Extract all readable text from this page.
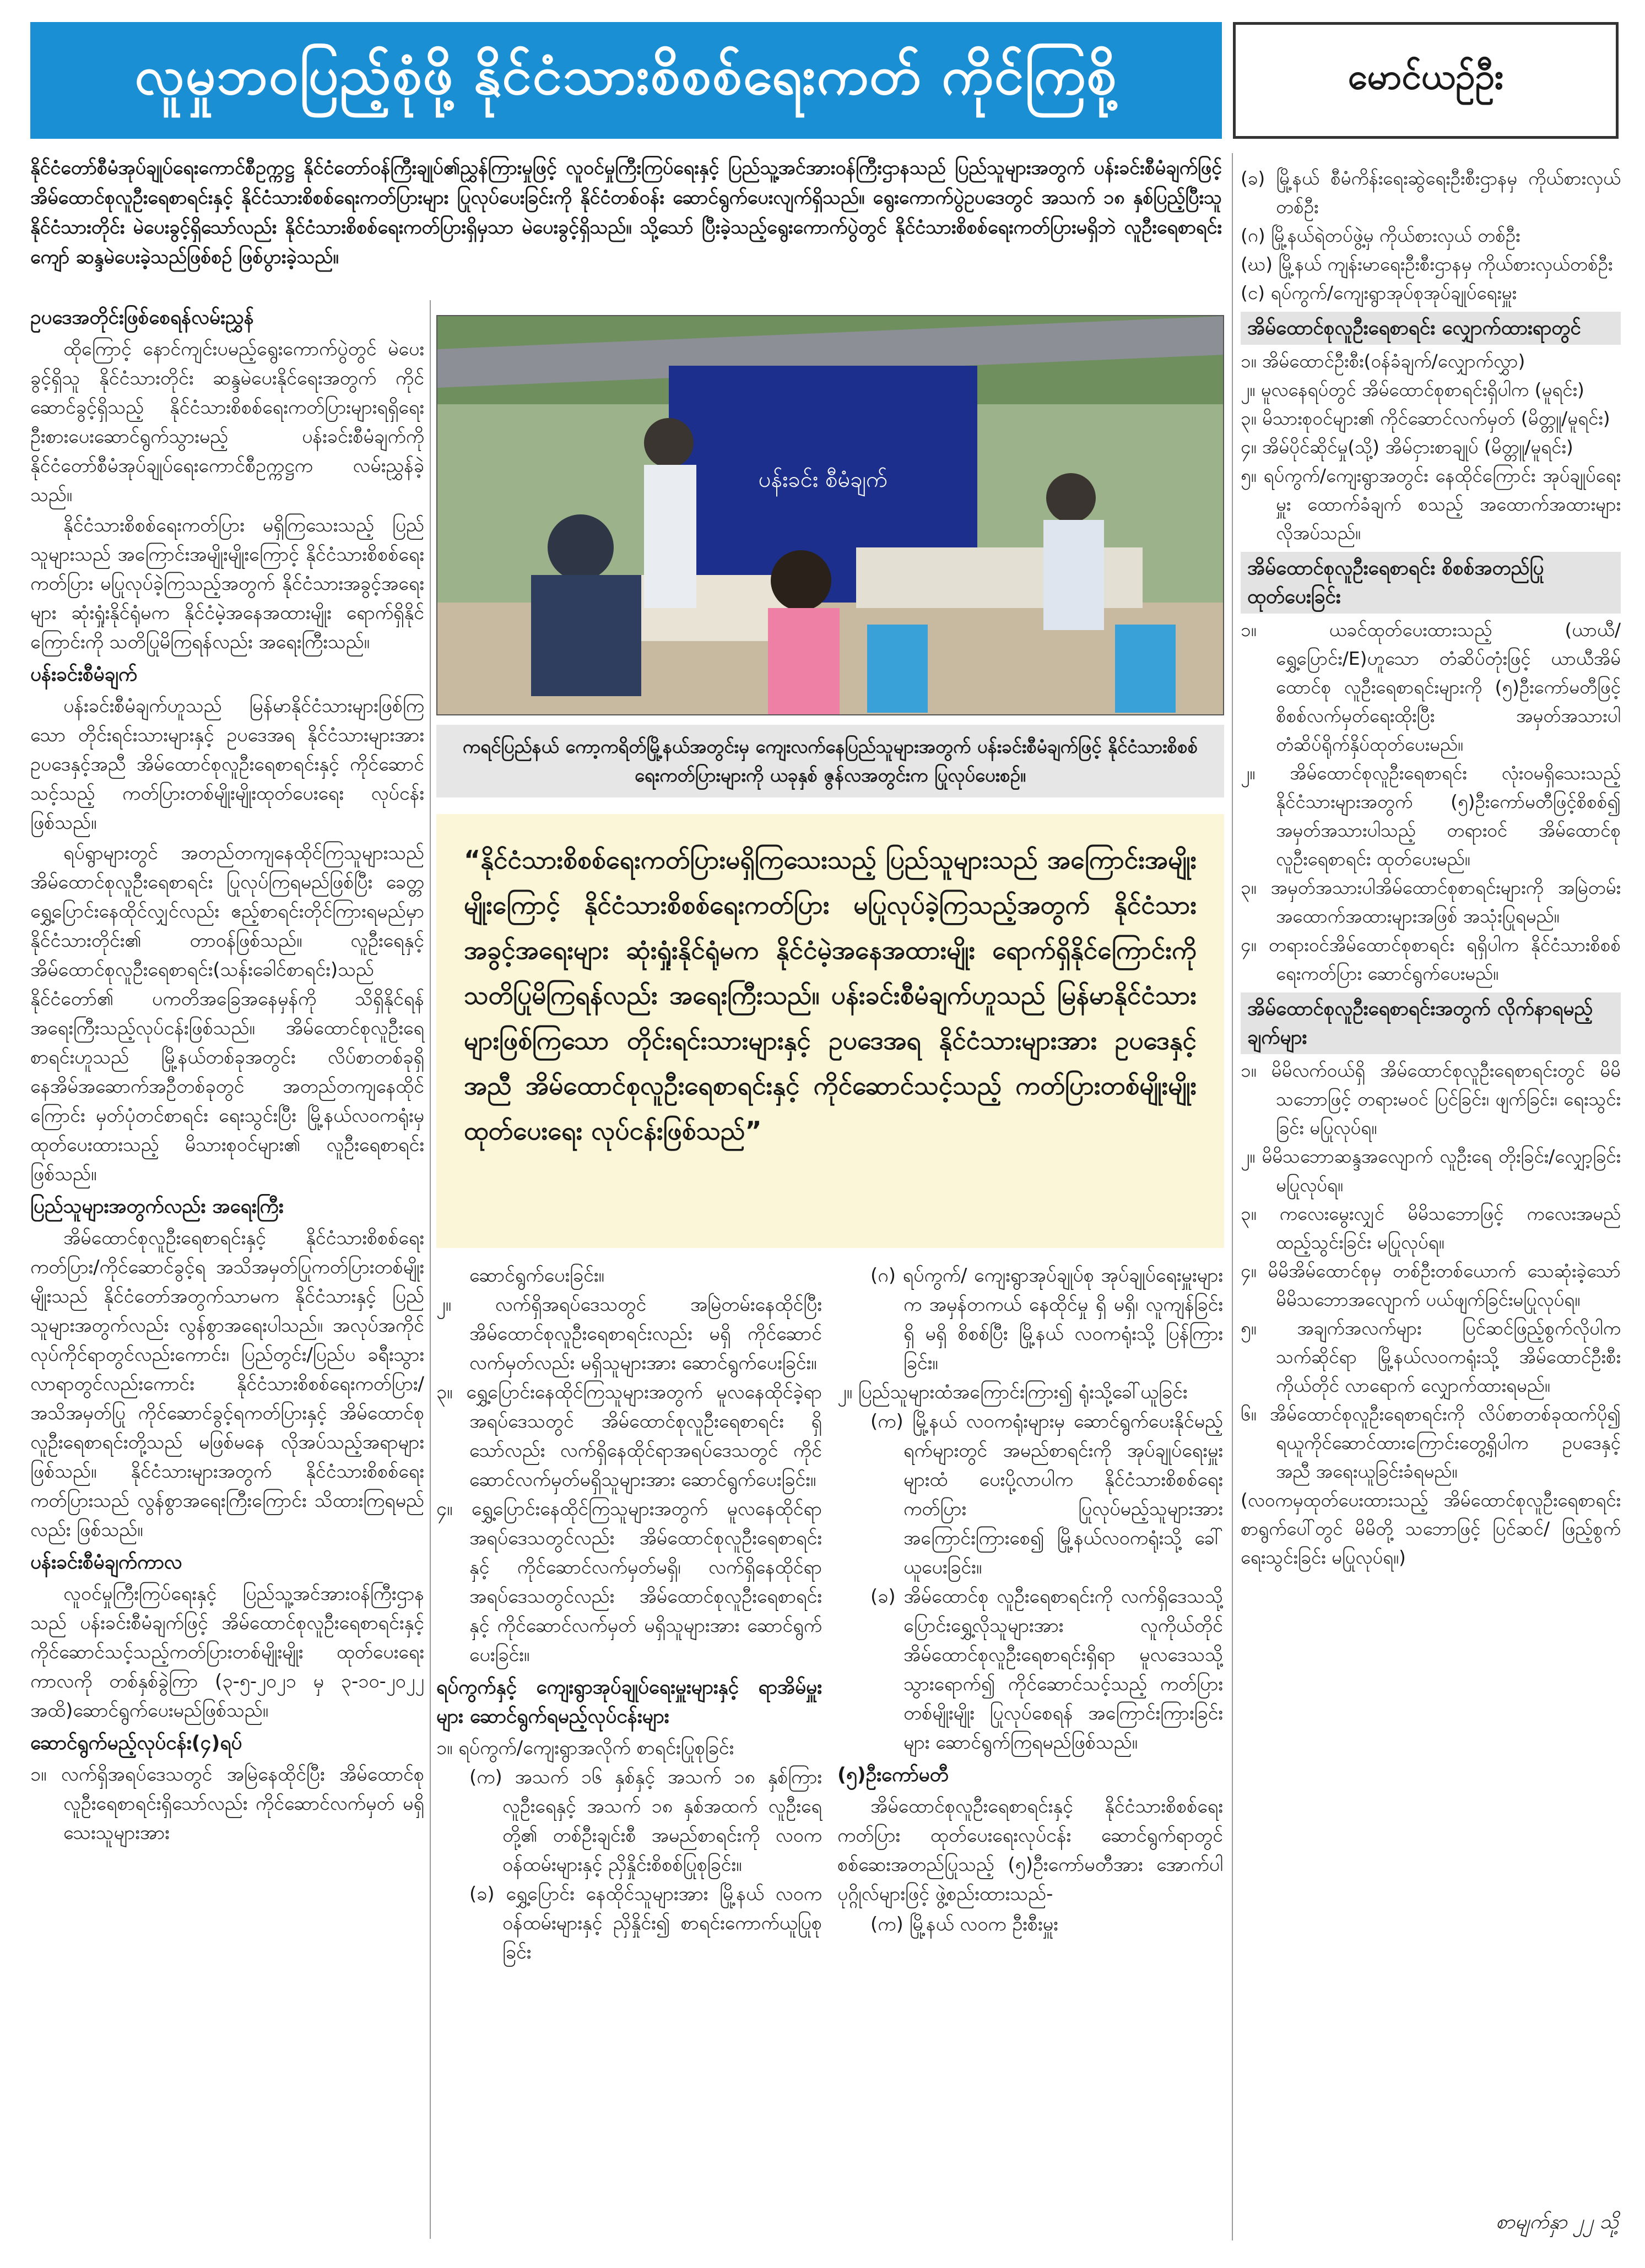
လူမှုဘဝပြည့်စုံဖို့ နိုင်ငံသားစိစစ်ရေးကတ် ကိုင်ကြစို့	မောင်ယဉ်ဦး
နိုင်ငံတော်စီမံအုပ်ချုပ်ရေးကောင်စီဥက္ကဋ္ဌ နိုင်ငံတော်ဝန်ကြီးချုပ်၏ညွှန်ကြားမှုဖြင့် လူဝင်မှုကြီးကြပ်ရေးနှင့် ပြည်သူ့အင်အားဝန်ကြီးဌာနသည် ပြည်သူများအတွက် ပန်းခင်းစီမံချက်ဖြင့် အိမ်ထောင်စုလူဦးရေစာရင်းနှင့် နိုင်ငံသားစိစစ်ရေးကတ်ပြားများ ပြုလုပ်ပေးခြင်းကို နိုင်ငံတစ်ဝန်း ဆောင်ရွက်ပေးလျက်ရှိသည်။ ရွေးကောက်ပွဲဥပဒေတွင် အသက် ၁၈ နှစ်ပြည့်ပြီးသူ နိုင်ငံသားတိုင်း မဲပေးခွင့်ရှိသော်လည်း နိုင်ငံသားစိစစ်ရေးကတ်ပြားရှိမှသာ မဲပေးခွင့်ရှိသည်။ သို့သော် ပြီးခဲ့သည့်ရွေးကောက်ပွဲတွင် နိုင်ငံသားစိစစ်ရေးကတ်ပြားမရှိဘဲ လူဦးရေစာရင်းကျော် ဆန္ဒမဲပေးခဲ့သည်ဖြစ်စဉ် ဖြစ်ပွားခဲ့သည်။
ဥပဒေအတိုင်းဖြစ်စေရန်လမ်းညွှန်

ထိုကြောင့် နောင်ကျင်းပမည့်ရွေးကောက်ပွဲတွင် မဲပေးခွင့်ရှိသူ နိုင်ငံသားတိုင်း ဆန္ဒမဲပေးနိုင်ရေးအတွက် ကိုင်ဆောင်ခွင့်ရှိသည့် နိုင်ငံသားစိစစ်ရေးကတ်ပြားများရရှိရေး ဦးစားပေးဆောင်ရွက်သွားမည့် ပန်းခင်းစီမံချက်ကို နိုင်ငံတော်စီမံအုပ်ချုပ်ရေးကောင်စီဥက္ကဋ္ဌက လမ်းညွှန်ခဲ့သည်။

နိုင်ငံသားစိစစ်ရေးကတ်ပြား မရှိကြသေးသည့် ပြည်သူများသည် အကြောင်းအမျိုးမျိုးကြောင့် နိုင်ငံသားစိစစ်ရေးကတ်ပြား မပြုလုပ်ခဲ့ကြသည့်အတွက် နိုင်ငံသားအခွင့်အရေးများ ဆုံးရှုံးနိုင်ရုံမက နိုင်ငံမဲ့အနေအထားမျိုး ရောက်ရှိနိုင်ကြောင်းကို သတိပြုမိကြရန်လည်း အရေးကြီးသည်။

ပန်းခင်းစီမံချက်

ပန်းခင်းစီမံချက်ဟူသည် မြန်မာနိုင်ငံသားများဖြစ်ကြသော တိုင်းရင်းသားများနှင့် ဥပဒေအရ နိုင်ငံသားများအား ဥပဒေနှင့်အညီ အိမ်ထောင်စုလူဦးရေစာရင်းနှင့် ကိုင်ဆောင်သင့်သည့် ကတ်ပြားတစ်မျိုးမျိုးထုတ်ပေးရေး လုပ်ငန်းဖြစ်သည်။

ရပ်ရွာများတွင် အတည်တကျနေထိုင်ကြသူများသည် အိမ်ထောင်စုလူဦးရေစာရင်း ပြုလုပ်ကြရမည်ဖြစ်ပြီး ခေတ္တ ရွှေ့ပြောင်းနေထိုင်လျှင်လည်း ဧည့်စာရင်းတိုင်ကြားရမည်မှာ နိုင်ငံသားတိုင်း၏ တာဝန်ဖြစ်သည်။ လူဦးရေနှင့် အိမ်ထောင်စုလူဦးရေစာရင်း(သန်းခေါင်စာရင်း)သည် နိုင်ငံတော်၏ ပကတိအခြေအနေမှန်ကို သိရှိနိုင်ရန် အရေးကြီးသည့်လုပ်ငန်းဖြစ်သည်။ အိမ်ထောင်စုလူဦးရေစာရင်းဟူသည် မြို့နယ်တစ်ခုအတွင်း လိပ်စာတစ်ခုရှိ နေအိမ်အဆောက်အဦတစ်ခုတွင် အတည်တကျနေထိုင်ကြောင်း မှတ်ပုံတင်စာရင်း ရေးသွင်းပြီး မြို့နယ်လဝကရုံးမှ ထုတ်ပေးထားသည့် မိသားစုဝင်များ၏ လူဦးရေစာရင်းဖြစ်သည်။

ပြည်သူများအတွက်လည်း အရေးကြီး

အိမ်ထောင်စုလူဦးရေစာရင်းနှင့် နိုင်ငံသားစိစစ်ရေးကတ်ပြား/ကိုင်ဆောင်ခွင့်ရ အသိအမှတ်ပြုကတ်ပြားတစ်မျိုးမျိုးသည် နိုင်ငံတော်အတွက်သာမက နိုင်ငံသားနှင့် ပြည်သူများအတွက်လည်း လွန်စွာအရေးပါသည်။ အလုပ်အကိုင်လုပ်ကိုင်ရာတွင်လည်းကောင်း၊ ပြည်တွင်း/ပြည်ပ ခရီးသွားလာရာတွင်လည်းကောင်း နိုင်ငံသားစိစစ်ရေးကတ်ပြား/ အသိအမှတ်ပြု ကိုင်ဆောင်ခွင့်ရကတ်ပြားနှင့် အိမ်ထောင်စုလူဦးရေစာရင်းတို့သည် မဖြစ်မနေ လိုအပ်သည့်အရာများဖြစ်သည်။ နိုင်ငံသားများအတွက် နိုင်ငံသားစိစစ်ရေးကတ်ပြားသည် လွန်စွာအရေးကြီးကြောင်း သိထားကြရမည်လည်း ဖြစ်သည်။

ပန်းခင်းစီမံချက်ကာလ

လူဝင်မှုကြီးကြပ်ရေးနှင့် ပြည်သူ့အင်အားဝန်ကြီးဌာနသည် ပန်းခင်းစီမံချက်ဖြင့် အိမ်ထောင်စုလူဦးရေစာရင်းနှင့် ကိုင်ဆောင်သင့်သည့်ကတ်ပြားတစ်မျိုးမျိုး ထုတ်ပေးရေးကာလကို တစ်နှစ်ခွဲကြာ (၃-၅-၂၀၂၁ မှ ၃-၁၀-၂၀၂၂ အထိ)ဆောင်ရွက်ပေးမည်ဖြစ်သည်။

ဆောင်ရွက်မည့်လုပ်ငန်း(၄)ရပ်
၁။ လက်ရှိအရပ်ဒေသတွင် အမြဲနေထိုင်ပြီး အိမ်ထောင်စုလူဦးရေစာရင်းရှိသော်လည်း ကိုင်ဆောင်လက်မှတ် မရှိသေးသူများအား
ပန်းခင်း စီမံချက်
ကရင်ပြည်နယ် ကော့ကရိတ်မြို့နယ်အတွင်းမှ ကျေးလက်နေပြည်သူများအတွက် ပန်းခင်းစီမံချက်ဖြင့် နိုင်ငံသားစိစစ်ရေးကတ်ပြားများကို ယခုနှစ် ဇွန်လအတွင်းက ပြုလုပ်ပေးစဉ်။
“နိုင်ငံသားစိစစ်ရေးကတ်ပြားမရှိကြသေးသည့် ပြည်သူများသည် အကြောင်းအမျိုးမျိုးကြောင့် နိုင်ငံသားစိစစ်ရေးကတ်ပြား မပြုလုပ်ခဲ့ကြသည့်အတွက် နိုင်ငံသားအခွင့်အရေးများ ဆုံးရှုံးနိုင်ရုံမက နိုင်ငံမဲ့အနေအထားမျိုး ရောက်ရှိနိုင်ကြောင်းကို သတိပြုမိကြရန်လည်း အရေးကြီးသည်။ ပန်းခင်းစီမံချက်ဟူသည် မြန်မာနိုင်ငံသားများဖြစ်ကြသော တိုင်းရင်းသားများနှင့် ဥပဒေအရ နိုင်ငံသားများအား ဥပဒေနှင့်အညီ အိမ်ထောင်စုလူဦးရေစာရင်းနှင့် ကိုင်ဆောင်သင့်သည့် ကတ်ပြားတစ်မျိုးမျိုးထုတ်ပေးရေး လုပ်ငန်းဖြစ်သည်”
ဆောင်ရွက်ပေးခြင်း။
၂။ လက်ရှိအရပ်ဒေသတွင် အမြဲတမ်းနေထိုင်ပြီး အိမ်ထောင်စုလူဦးရေစာရင်းလည်း မရှိ ကိုင်ဆောင်လက်မှတ်လည်း မရှိသူများအား ဆောင်ရွက်ပေးခြင်း။
၃။ ရွှေ့ပြောင်းနေထိုင်ကြသူများအတွက် မူလနေထိုင်ခဲ့ရာ အရပ်ဒေသတွင် အိမ်ထောင်စုလူဦးရေစာရင်း ရှိသော်လည်း လက်ရှိနေထိုင်ရာအရပ်ဒေသတွင် ကိုင်ဆောင်လက်မှတ်မရှိသူများအား ဆောင်ရွက်ပေးခြင်း။
၄။ ရွှေ့ပြောင်းနေထိုင်ကြသူများအတွက် မူလနေထိုင်ရာ အရပ်ဒေသတွင်လည်း အိမ်ထောင်စုလူဦးရေစာရင်းနှင့် ကိုင်ဆောင်လက်မှတ်မရှိ၊ လက်ရှိနေထိုင်ရာ အရပ်ဒေသတွင်လည်း အိမ်ထောင်စုလူဦးရေစာရင်းနှင့် ကိုင်ဆောင်လက်မှတ် မရှိသူများအား ဆောင်ရွက်ပေးခြင်း။
ရပ်ကွက်နှင့် ကျေးရွာအုပ်ချုပ်ရေးမှူးများနှင့် ရာအိမ်မှူးများ ဆောင်ရွက်ရမည့်လုပ်ငန်းများ
၁။ ရပ်ကွက်/ကျေးရွာအလိုက် စာရင်းပြုစုခြင်း
(က) အသက် ၁၆ နှစ်နှင့် အသက် ၁၈ နှစ်ကြား လူဦးရေနှင့် အသက် ၁၈ နှစ်အထက် လူဦးရေတို့၏ တစ်ဦးချင်းစီ အမည်စာရင်းကို လဝက ဝန်ထမ်းများနှင့် ညှိနှိုင်းစိစစ်ပြုစုခြင်း။
(ခ) ရွှေ့ပြောင်း နေထိုင်သူများအား မြို့နယ် လဝက ဝန်ထမ်းများနှင့် ညှိနှိုင်း၍ စာရင်းကောက်ယူပြုစုခြင်း
(ဂ) ရပ်ကွက်/ ကျေးရွာအုပ်ချုပ်စု အုပ်ချုပ်ရေးမှူးများက အမှန်တကယ် နေထိုင်မှု ရှိ မရှိ၊ လူကျန်ခြင်း ရှိ မရှိ စိစစ်ပြီး မြို့နယ် လဝကရုံးသို့ ပြန်ကြားခြင်း။
၂။ ပြည်သူများထံအကြောင်းကြား၍ ရုံးသို့ခေါ်ယူခြင်း
(က) မြို့နယ် လဝကရုံးများမှ ဆောင်ရွက်ပေးနိုင်မည့်ရက်များတွင် အမည်စာရင်းကို အုပ်ချုပ်ရေးမှူးများထံ ပေးပို့လာပါက နိုင်ငံသားစိစစ်ရေးကတ်ပြား ပြုလုပ်မည့်သူများအား အကြောင်းကြားစေ၍ မြို့နယ်လဝကရုံးသို့ ခေါ်ယူပေးခြင်း။
(ခ) အိမ်ထောင်စု လူဦးရေစာရင်းကို လက်ရှိဒေသသို့ ပြောင်းရွှေ့လိုသူများအား လူကိုယ်တိုင် အိမ်ထောင်စုလူဦးရေစာရင်းရှိရာ မူလဒေသသို့ သွားရောက်၍ ကိုင်ဆောင်သင့်သည့် ကတ်ပြားတစ်မျိုးမျိုး ပြုလုပ်စေရန် အကြောင်းကြားခြင်းများ ဆောင်ရွက်ကြရမည်ဖြစ်သည်။
(၅)ဦးကော်မတီ

အိမ်ထောင်စုလူဦးရေစာရင်းနှင့် နိုင်ငံသားစိစစ်ရေးကတ်ပြား ထုတ်ပေးရေးလုပ်ငန်း ဆောင်ရွက်ရာတွင် စစ်ဆေးအတည်ပြုသည့် (၅)ဦးကော်မတီအား အောက်ပါပုဂ္ဂိုလ်များဖြင့် ဖွဲ့စည်းထားသည်-

(က) မြို့နယ် လဝက ဦးစီးမှူး
(ခ) မြို့နယ် စီမံကိန်းရေးဆွဲရေးဦးစီးဌာနမှ ကိုယ်စားလှယ်တစ်ဦး
(ဂ) မြို့နယ်ရဲတပ်ဖွဲ့မှ ကိုယ်စားလှယ် တစ်ဦး
(ဃ) မြို့နယ် ကျန်းမာရေးဦးစီးဌာနမှ ကိုယ်စားလှယ်တစ်ဦး
(င) ရပ်ကွက်/ကျေးရွာအုပ်စုအုပ်ချုပ်ရေးမှူး
အိမ်ထောင်စုလူဦးရေစာရင်း လျှောက်ထားရာတွင်
၁။ အိမ်ထောင်ဦးစီး(ဝန်ခံချက်/လျှောက်လွှာ)
၂။ မူလနေရပ်တွင် အိမ်ထောင်စုစာရင်းရှိပါက (မူရင်း)
၃။ မိသားစုဝင်များ၏ ကိုင်ဆောင်လက်မှတ် (မိတ္တူ/မူရင်း)
၄။ အိမ်ပိုင်ဆိုင်မှု(သို့) အိမ်ငှားစာချုပ် (မိတ္တူ/မူရင်း)
၅။ ရပ်ကွက်/ကျေးရွာအတွင်း နေထိုင်ကြောင်း အုပ်ချုပ်ရေးမှူး ထောက်ခံချက် စသည့် အထောက်အထားများ လိုအပ်သည်။
အိမ်ထောင်စုလူဦးရေစာရင်း စိစစ်အတည်ပြု ထုတ်ပေးခြင်း
၁။ ယခင်ထုတ်ပေးထားသည့် (ယာယီ/ ရွှေ့ပြောင်း/E)ဟူသော တံဆိပ်တုံးဖြင့် ယာယီအိမ်ထောင်စု လူဦးရေစာရင်းများကို (၅)ဦးကော်မတီဖြင့် စိစစ်လက်မှတ်ရေးထိုးပြီး အမှတ်အသားပါ တံဆိပ်ရိုက်နှိပ်ထုတ်ပေးမည်။
၂။ အိမ်ထောင်စုလူဦးရေစာရင်း လုံးဝမရှိသေးသည့် နိုင်ငံသားများအတွက် (၅)ဦးကော်မတီဖြင့်စိစစ်၍ အမှတ်အသားပါသည့် တရားဝင် အိမ်ထောင်စုလူဦးရေစာရင်း ထုတ်ပေးမည်။
၃။ အမှတ်အသားပါအိမ်ထောင်စုစာရင်းများကို အမြဲတမ်း အထောက်အထားများအဖြစ် အသုံးပြုရမည်။
၄။ တရားဝင်အိမ်ထောင်စုစာရင်း ရရှိပါက နိုင်ငံသားစိစစ်ရေးကတ်ပြား ဆောင်ရွက်ပေးမည်။
အိမ်ထောင်စုလူဦးရေစာရင်းအတွက် လိုက်နာရမည့်ချက်များ
၁။ မိမိလက်ဝယ်ရှိ အိမ်ထောင်စုလူဦးရေစာရင်းတွင် မိမိသဘောဖြင့် တရားမဝင် ပြင်ခြင်း၊ ဖျက်ခြင်း၊ ရေးသွင်းခြင်း မပြုလုပ်ရ။
၂။ မိမိသဘောဆန္ဒအလျောက် လူဦးရေ တိုးခြင်း/လျှော့ခြင်း မပြုလုပ်ရ။
၃။ ကလေးမွေးလျှင် မိမိသဘောဖြင့် ကလေးအမည်ထည့်သွင်းခြင်း မပြုလုပ်ရ။
၄။ မိမိအိမ်ထောင်စုမှ တစ်ဦးတစ်ယောက် သေဆုံးခဲ့သော် မိမိသဘောအလျောက် ပယ်ဖျက်ခြင်းမပြုလုပ်ရ။
၅။ အချက်အလက်များ ပြင်ဆင်ဖြည့်စွက်လိုပါက သက်ဆိုင်ရာ မြို့နယ်လဝကရုံးသို့ အိမ်ထောင်ဦးစီးကိုယ်တိုင် လာရောက် လျှောက်ထားရမည်။
၆။ အိမ်ထောင်စုလူဦးရေစာရင်းကို လိပ်စာတစ်ခုထက်ပို၍ ရယူကိုင်ဆောင်ထားကြောင်းတွေ့ရှိပါက ဥပဒေနှင့်အညီ အရေးယူခြင်းခံရမည်။
(လဝကမှထုတ်ပေးထားသည့် အိမ်ထောင်စုလူဦးရေစာရင်း စာရွက်ပေါ်တွင် မိမိတို့ သဘောဖြင့် ပြင်ဆင်/ ဖြည့်စွက် ရေးသွင်းခြင်း မပြုလုပ်ရ။)
စာမျက်နှာ ၂၂ သို့
